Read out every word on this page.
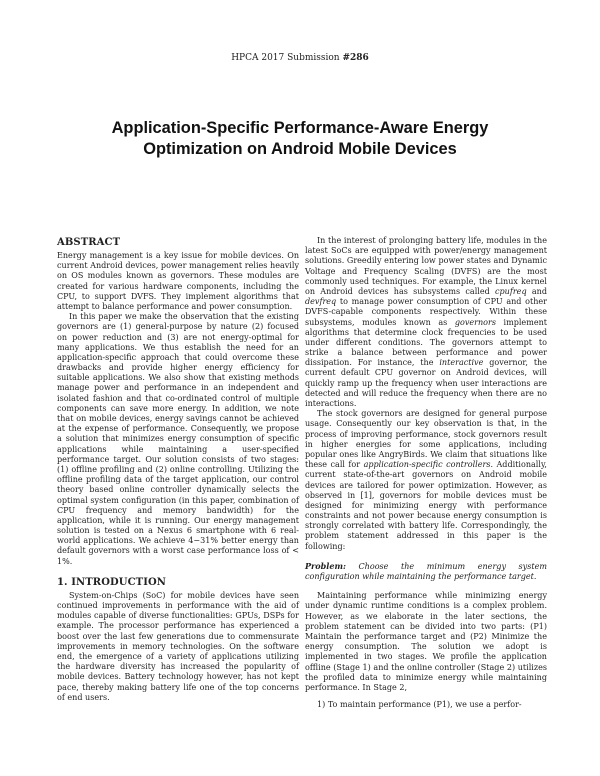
HPCA 2017 Submission #286
Application-Specific Performance-Aware Energy
Optimization on Android Mobile Devices
ABSTRACT

Energy management is a key issue for mobile devices. On current Android devices, power management relies heavily on OS modules known as governors. These modules are created for various hardware components, including the CPU, to support DVFS. They implement algorithms that attempt to balance performance and power consumption.

In this paper we make the observation that the existing governors are (1) general-purpose by nature (2) focused on power reduction and (3) are not energy-optimal for many applications. We thus establish the need for an application-specific approach that could overcome these drawbacks and provide higher energy efficiency for suitable applications. We also show that existing methods manage power and performance in an independent and isolated fashion and that co-ordinated control of multiple components can save more energy. In addition, we note that on mobile devices, energy savings cannot be achieved at the expense of performance. Consequently, we propose a solution that minimizes energy consumption of specific applications while maintaining a user-specified performance target. Our solution consists of two stages: (1) offline profiling and (2) online controlling. Utilizing the offline profiling data of the target application, our control theory based online controller dynamically selects the optimal system configuration (in this paper, combination of CPU frequency and memory bandwidth) for the application, while it is running. Our energy management solution is tested on a Nexus 6 smartphone with 6 real-world applications. We achieve 4−31% better energy than default governors with a worst case performance loss of < 1%.

1. INTRODUCTION

System-on-Chips (SoC) for mobile devices have seen continued improvements in performance with the aid of modules capable of diverse functionalities: GPUs, DSPs for example. The processor performance has experienced a boost over the last few generations due to commensurate improvements in memory technologies. On the software end, the emergence of a variety of applications utilizing the hardware diversity has increased the popularity of mobile devices. Battery technology however, has not kept pace, thereby making battery life one of the top concerns of end users.

In the interest of prolonging battery life, modules in the latest SoCs are equipped with power/energy management solutions. Greedily entering low power states and Dynamic Voltage and Frequency Scaling (DVFS) are the most commonly used techniques. For example, the Linux kernel on Android devices has subsystems called cpufreq and devfreq to manage power consumption of CPU and other DVFS-capable components respectively. Within these subsystems, modules known as governors implement algorithms that determine clock frequencies to be used under different conditions. The governors attempt to strike a balance between performance and power dissipation. For instance, the interactive governor, the current default CPU governor on Android devices, will quickly ramp up the frequency when user interactions are detected and will reduce the frequency when there are no interactions.

The stock governors are designed for general purpose usage. Consequently our key observation is that, in the process of improving performance, stock governors result in higher energies for some applications, including popular ones like AngryBirds. We claim that situations like these call for application-specific controllers. Additionally, current state-of-the-art governors on Android mobile devices are tailored for power optimization. However, as observed in [1], governors for mobile devices must be designed for minimizing energy with performance constraints and not power because energy consumption is strongly correlated with battery life. Correspondingly, the problem statement addressed in this paper is the following:

Problem: Choose the minimum energy system configuration while maintaining the performance target.

Maintaining performance while minimizing energy under dynamic runtime conditions is a complex problem. However, as we elaborate in the later sections, the problem statement can be divided into two parts: (P1) Maintain the performance target and (P2) Minimize the energy consumption. The solution we adopt is implemented in two stages. We profile the application offline (Stage 1) and the online controller (Stage 2) utilizes the profiled data to minimize energy while maintaining performance. In Stage 2,

1) To maintain performance (P1), we use a perfor-
